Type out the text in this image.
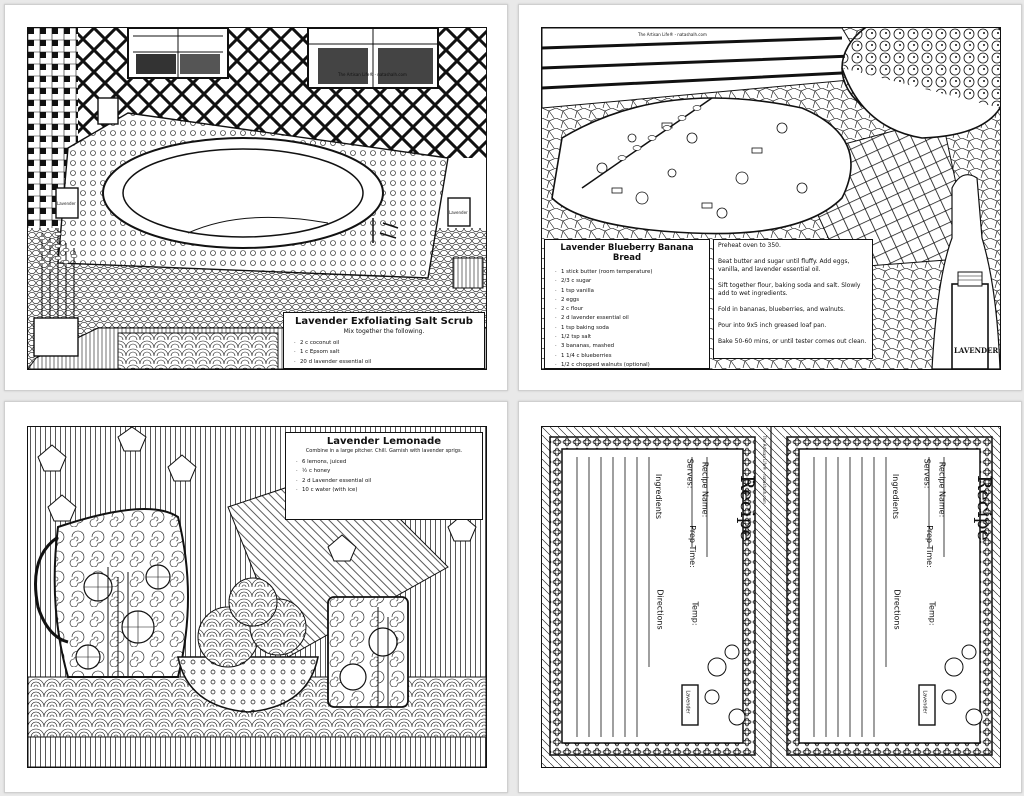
Lavender
Lavender
The Artisan Life® - natashalh.com
Lavender Exfoliating Salt Scrub
Mix together the following.
· 2 c coconut oil
· 1 c Epsom salt
· 20 d lavender essential oil
LAVENDER
The Artisan Life® - natashalh.com
Lavender Blueberry Banana Bread
· 1 stick butter (room temperature)
· 2/3 c sugar
· 1 tsp vanilla
· 2 eggs
· 2 c flour
· 2 d lavender essential oil
· 1 tsp baking soda
· 1/2 tsp salt
· 3 bananas, mashed
· 1 1/4 c blueberries
· 1/2 c chopped walnuts (optional)

Preheat oven to 350.

Beat butter and sugar until fluffy. Add eggs, vanilla, and lavender essential oil.

Sift together flour, baking soda and salt. Slowly add to wet ingredients.

Fold in bananas, blueberries, and walnuts.

Pour into 9x5 inch greased loaf pan.

Bake 50-60 mins, or until tester comes out clean.

Lavender Lemonade
Combine in a large pitcher. Chill. Garnish with lavender sprigs.
· 6 lemons, juiced
· ½ c honey
· 2 d Lavender essential oil
· 10 c water (with ice)	Recipe
Recipe Name:
Serves:
Prep Time:
Ingredients
Temp:
Directions
Lavender
Recipe
Recipe Name:
Serves:
Prep Time:
Ingredients
Temp:
Directions
Lavender
The Artisan Life® - natashalh.com
